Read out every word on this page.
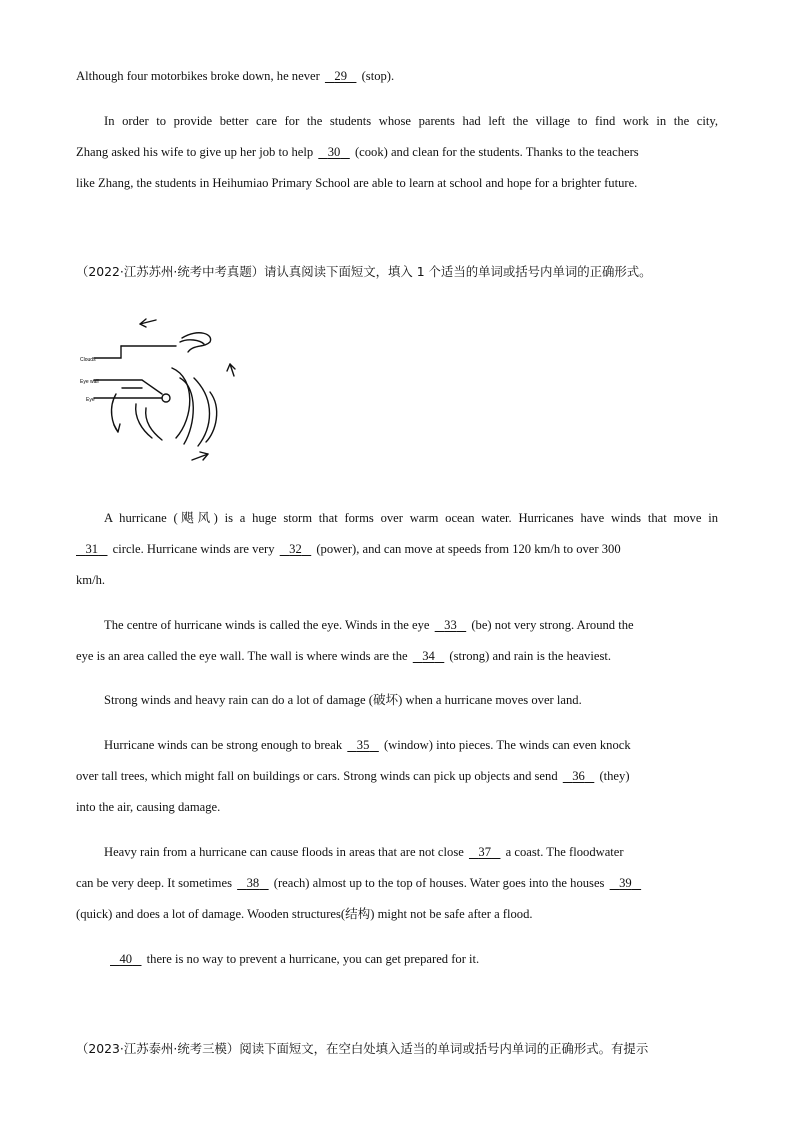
Although four motorbikes broke down, he never 29 (stop).
In order to provide better care for the students whose parents had left the village to find work in the city,
Zhang asked his wife to give up her job to help 30 (cook) and clean for the students. Thanks to the teachers
like Zhang, the students in Heihumiao Primary School are able to learn at school and hope for a brighter future.
（2022·江苏苏州·统考中考真题）请认真阅读下面短文，填入 1 个适当的单词或括号内单词的正确形式。
Clouds
Eye wall
Eye
A hurricane (飓风) is a huge storm that forms over warm ocean water. Hurricanes have winds that move in
31 circle. Hurricane winds are very 32 (power), and can move at speeds from 120 km/h to over 300
km/h.
The centre of hurricane winds is called the eye. Winds in the eye 33 (be) not very strong. Around the
eye is an area called the eye wall. The wall is where winds are the 34 (strong) and rain is the heaviest.
Strong winds and heavy rain can do a lot of damage (破坏) when a hurricane moves over land.
Hurricane winds can be strong enough to break 35 (window) into pieces. The winds can even knock
over tall trees, which might fall on buildings or cars. Strong winds can pick up objects and send 36 (they)
into the air, causing damage.
Heavy rain from a hurricane can cause floods in areas that are not close 37 a coast. The floodwater
can be very deep. It sometimes 38 (reach) almost up to the top of houses. Water goes into the houses 39
(quick) and does a lot of damage. Wooden structures(结构) might not be safe after a flood.
40 there is no way to prevent a hurricane, you can get prepared for it.
（2023·江苏泰州·统考三模）阅读下面短文，在空白处填入适当的单词或括号内单词的正确形式。有提示
